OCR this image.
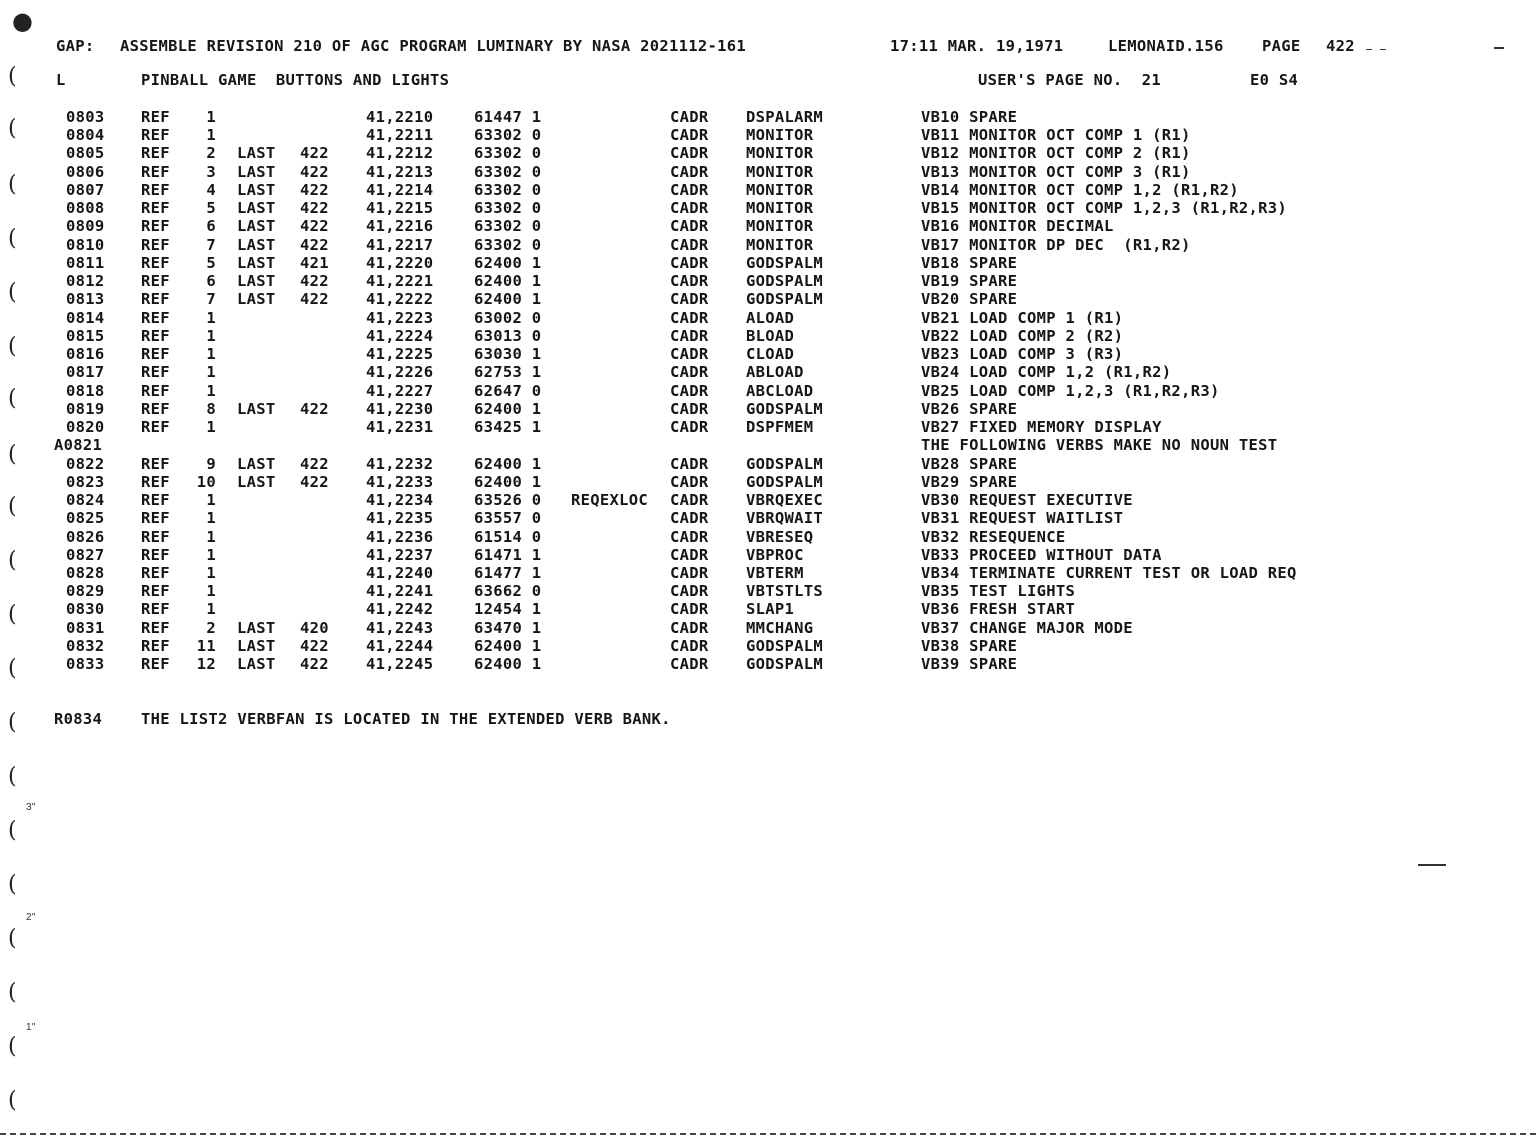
●
(
(
(
(
(
(
(
(
(
(
(
(
(
(
(
(
(
(
(
(
3"
2"
1"
GAP: ASSEMBLE REVISION 210 OF AGC PROGRAM LUMINARY BY NASA 2021112-161	17:11 MAR. 19,1971	LEMONAID.156 PAGE 422
L	PINBALL GAME  BUTTONS AND LIGHTS	USER'S PAGE NO.  21	E0 S4
0803 REF	1	41,2210	61447 1	CADR DSPALARM	VB10 SPARE
0804 REF	1	41,2211	63302 0	CADR MONITOR	VB11 MONITOR OCT COMP 1 (R1)
0805 REF	2 LAST 422 41,2212	63302 0	CADR MONITOR	VB12 MONITOR OCT COMP 2 (R1)
0806 REF	3 LAST 422 41,2213	63302 0	CADR MONITOR	VB13 MONITOR OCT COMP 3 (R1)
0807 REF	4 LAST 422 41,2214	63302 0	CADR MONITOR	VB14 MONITOR OCT COMP 1,2 (R1,R2)
0808 REF	5 LAST 422 41,2215	63302 0	CADR MONITOR	VB15 MONITOR OCT COMP 1,2,3 (R1,R2,R3)
0809 REF	6 LAST 422 41,2216	63302 0	CADR MONITOR	VB16 MONITOR DECIMAL
0810 REF	7 LAST 422 41,2217	63302 0	CADR MONITOR	VB17 MONITOR DP DEC  (R1,R2)
0811 REF	5 LAST 421 41,2220	62400 1	CADR GODSPALM	VB18 SPARE
0812 REF	6 LAST 422 41,2221	62400 1	CADR GODSPALM	VB19 SPARE
0813 REF	7 LAST 422 41,2222	62400 1	CADR GODSPALM	VB20 SPARE
0814 REF	1	41,2223	63002 0	CADR ALOAD	VB21 LOAD COMP 1 (R1)
0815 REF	1	41,2224	63013 0	CADR BLOAD	VB22 LOAD COMP 2 (R2)
0816 REF	1	41,2225	63030 1	CADR CLOAD	VB23 LOAD COMP 3 (R3)
0817 REF	1	41,2226	62753 1	CADR ABLOAD	VB24 LOAD COMP 1,2 (R1,R2)
0818 REF	1	41,2227	62647 0	CADR ABCLOAD	VB25 LOAD COMP 1,2,3 (R1,R2,R3)
0819 REF	8 LAST 422 41,2230	62400 1	CADR GODSPALM	VB26 SPARE
0820 REF	1	41,2231	63425 1	CADR DSPFMEM	VB27 FIXED MEMORY DISPLAY
A0821	THE FOLLOWING VERBS MAKE NO NOUN TEST
0822 REF	9 LAST 422 41,2232	62400 1	CADR GODSPALM	VB28 SPARE
0823 REF	10 LAST 422 41,2233	62400 1	CADR GODSPALM	VB29 SPARE
0824 REF	1	41,2234	63526 0 REQEXLOC CADR VBRQEXEC	VB30 REQUEST EXECUTIVE
0825 REF	1	41,2235	63557 0	CADR VBRQWAIT	VB31 REQUEST WAITLIST
0826 REF	1	41,2236	61514 0	CADR VBRESEQ	VB32 RESEQUENCE
0827 REF	1	41,2237	61471 1	CADR VBPROC	VB33 PROCEED WITHOUT DATA
0828 REF	1	41,2240	61477 1	CADR VBTERM	VB34 TERMINATE CURRENT TEST OR LOAD REQ
0829 REF	1	41,2241	63662 0	CADR VBTSTLTS	VB35 TEST LIGHTS
0830 REF	1	41,2242	12454 1	CADR SLAP1	VB36 FRESH START
0831 REF	2 LAST 420 41,2243	63470 1	CADR MMCHANG	VB37 CHANGE MAJOR MODE
0832 REF	11 LAST 422 41,2244	62400 1	CADR GODSPALM	VB38 SPARE
0833 REF	12 LAST 422 41,2245	62400 1	CADR GODSPALM	VB39 SPARE
R0834	THE LIST2 VERBFAN IS LOCATED IN THE EXTENDED VERB BANK.
